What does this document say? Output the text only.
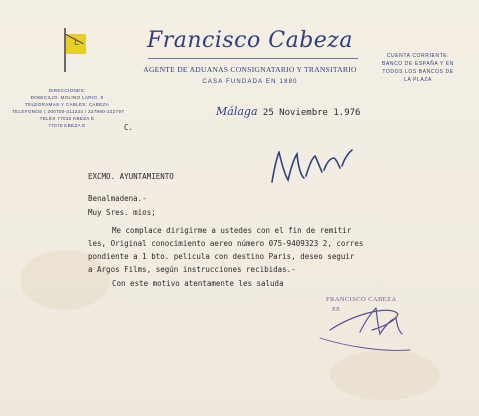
L	Francisco Cabeza
AGENTE DE ADUANAS CONSIGNATARIO Y TRANSITARIO
CASA FUNDADA EN 1880
CUENTA CORRIENTE:
BANCO DE ESPAÑA Y EN
TODOS LOS BANCOS DE
LA PLAZA
DIRECCIONES:
DOMICILIO: MOLINO LARIO, 8
TELEGRAMAS Y CABLES: CABEZA
TELEFONOS { 200700-211234 / 227990-222797
TELEX 77032 KBEZA E
77070 KBEZA E
Málaga 25 Noviembre 1.976
C.
EXCMO. AYUNTAMIENTO
Benalmadena.-
Muy Sres. mios;
Me complace dirigirme a ustedes con el fin de remitir
les, Original conocimiento aereo número 075-9409323 2, corres
pondiente a 1 bto. pelicula con destino Paris, deseo seguir
a Argos Films, según instrucciones recibidas.-
Con este motivo atentamente les saluda
FRANCISCO CABEZA
P.P.
